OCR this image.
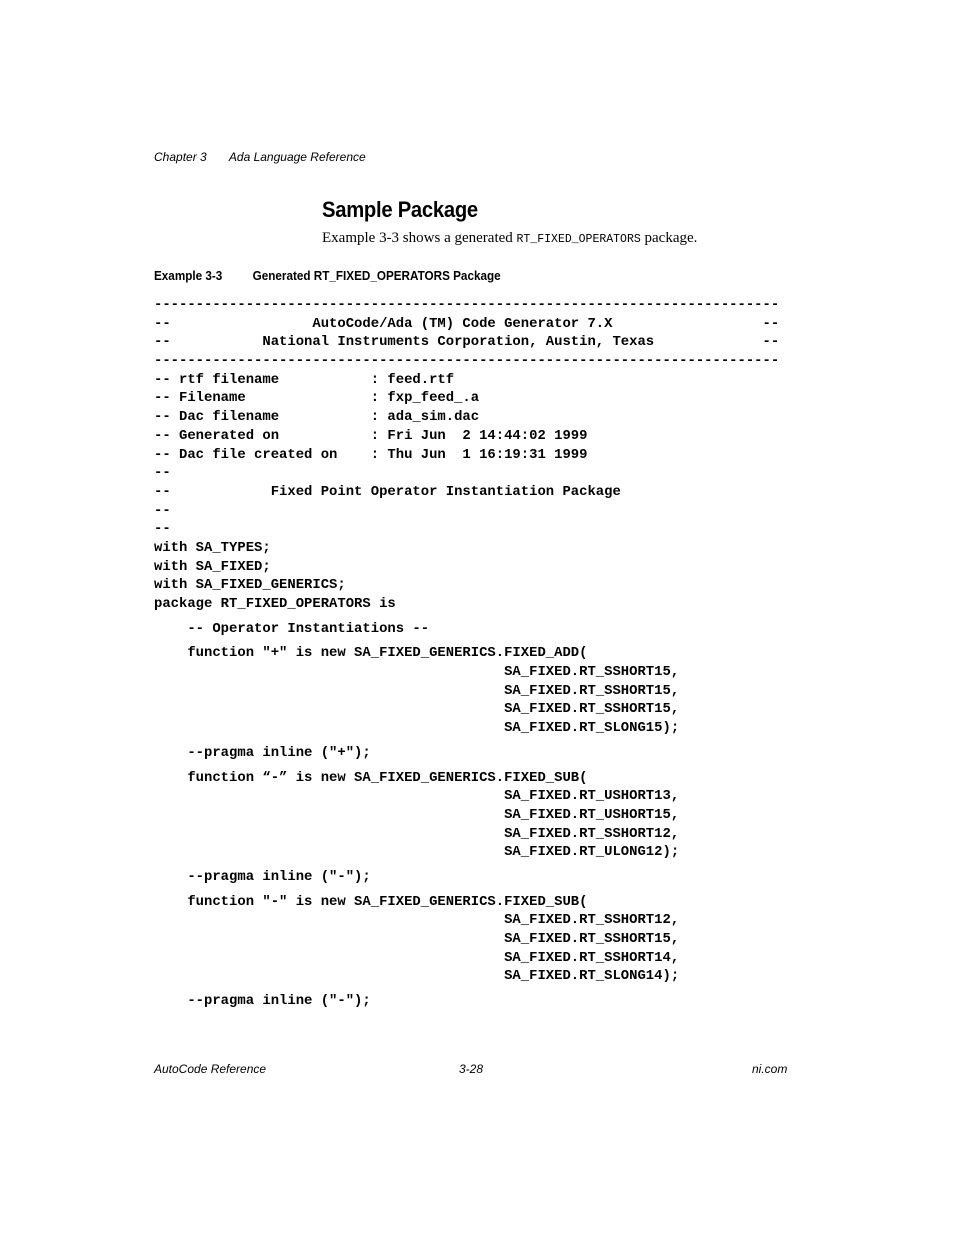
Chapter 3 Ada Language Reference
Sample Package

Example 3-3 shows a generated RT_FIXED_OPERATORS package.

Example 3-3 Generated RT_FIXED_OPERATORS Package
---------------------------------------------------------------------------
--                 AutoCode/Ada (TM) Code Generator 7.X                  --
--           National Instruments Corporation, Austin, Texas             --
---------------------------------------------------------------------------
-- rtf filename           : feed.rtf
-- Filename               : fxp_feed_.a
-- Dac filename           : ada_sim.dac
-- Generated on           : Fri Jun  2 14:44:02 1999
-- Dac file created on    : Thu Jun  1 16:19:31 1999
--
--            Fixed Point Operator Instantiation Package
--
--
with SA_TYPES;
with SA_FIXED;
with SA_FIXED_GENERICS;
package RT_FIXED_OPERATORS is
-- Operator Instantiations --
function "+" is new SA_FIXED_GENERICS.FIXED_ADD(
SA_FIXED.RT_SSHORT15,
SA_FIXED.RT_SSHORT15,
SA_FIXED.RT_SSHORT15,
SA_FIXED.RT_SLONG15);
--pragma inline ("+");
function “-” is new SA_FIXED_GENERICS.FIXED_SUB(
SA_FIXED.RT_USHORT13,
SA_FIXED.RT_USHORT15,
SA_FIXED.RT_SSHORT12,
SA_FIXED.RT_ULONG12);
--pragma inline ("-");
function "-" is new SA_FIXED_GENERICS.FIXED_SUB(
SA_FIXED.RT_SSHORT12,
SA_FIXED.RT_SSHORT15,
SA_FIXED.RT_SSHORT14,
SA_FIXED.RT_SLONG14);
--pragma inline ("-");
AutoCode Reference	3-28	ni.com
